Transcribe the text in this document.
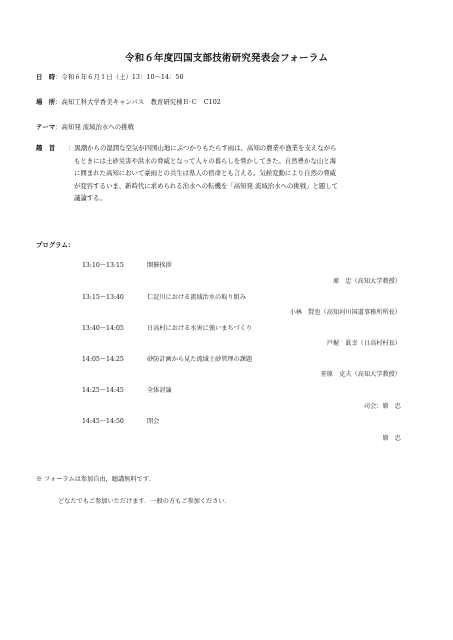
令和６年度四国支部技術研究発表会フォーラム
日　時 ：令和６年６月１日（土）13：10〜14：50
場　所 ：高知工科大学香美キャンパス　教育研究棟Ｂ·Ｃ　C102
テーマ ：高知発 流域治水への挑戦
趣　旨 ：黒潮からの湿潤な空気が四国山地にぶつかりもたらす雨は、高知の農業や漁業を支えながら
もときには土砂災害や洪水の脅威となって人々の暮らしを脅かしてきた。自然豊かな山と海
に囲まれた高知において豪雨との共生は県人の宿命とも言える。気候変動により自然の脅威
が変容するいま、新時代に求められる治水への転機を「高知発 流域治水への挑戦」と題して
議論する。
プログラム：
13:10〜13:15	開催挨拶
原　忠（高知大学教授）
13:15〜13:40	仁淀川における流域治水の取り組み
小林　賢也（高知河川国道事務所所長）
13:40〜14:05	日高村における水害に強いまちづくり
戸梶　眞幸（日高村村長）
14:05〜14:25	砂防計画から見た流域土砂管理の課題
笹原　克夫（高知大学教授）
14:25〜14:45	全体討論
司会：原　忠
14:45〜14:50	閉会
原　忠
※ フォーラムは参加自由，聴講無料です．
どなたでもご参加いただけます．一般の方もご参加ください．
